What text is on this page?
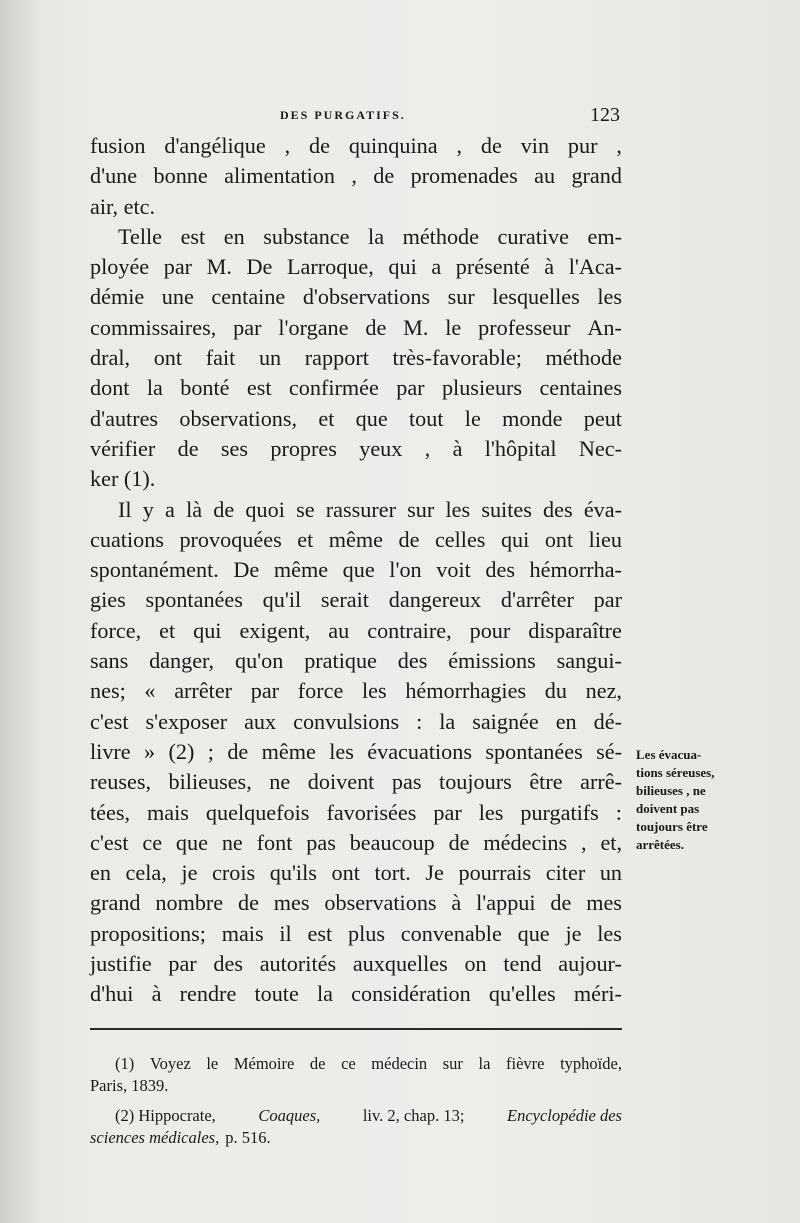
DES PURGATIFS.	123
fusion d'angélique , de quinquina , de vin pur ,
d'une bonne alimentation , de promenades au grand
air, etc.
Telle est en substance la méthode curative em-
ployée par M. De Larroque, qui a présenté à l'Aca-
démie une centaine d'observations sur lesquelles les
commissaires, par l'organe de M. le professeur An-
dral, ont fait un rapport très-favorable; méthode
dont la bonté est confirmée par plusieurs centaines
d'autres observations, et que tout le monde peut
vérifier de ses propres yeux , à l'hôpital Nec-
ker (1).
Il y a là de quoi se rassurer sur les suites des éva-
cuations provoquées et même de celles qui ont lieu
spontanément. De même que l'on voit des hémorrha-
gies spontanées qu'il serait dangereux d'arrêter par
force, et qui exigent, au contraire, pour disparaître
sans danger, qu'on pratique des émissions sangui-
nes; « arrêter par force les hémorrhagies du nez,
c'est s'exposer aux convulsions : la saignée en dé-
livre » (2) ; de même les évacuations spontanées sé-
reuses, bilieuses, ne doivent pas toujours être arrê-
tées, mais quelquefois favorisées par les purgatifs :
c'est ce que ne font pas beaucoup de médecins , et,
en cela, je crois qu'ils ont tort. Je pourrais citer un
grand nombre de mes observations à l'appui de mes
propositions; mais il est plus convenable que je les
justifie par des autorités auxquelles on tend aujour-
d'hui à rendre toute la considération qu'elles méri-
Les évacua-
tions séreuses,
bilieuses , ne
doivent pas
toujours être
arrêtées.
(1) Voyez le Mémoire de ce médecin sur la fièvre typhoïde,
Paris, 1839.
(2) Hippocrate,	Coaques,	liv. 2, chap. 13;	Encyclopédie des
sciences médicales, p. 516.
